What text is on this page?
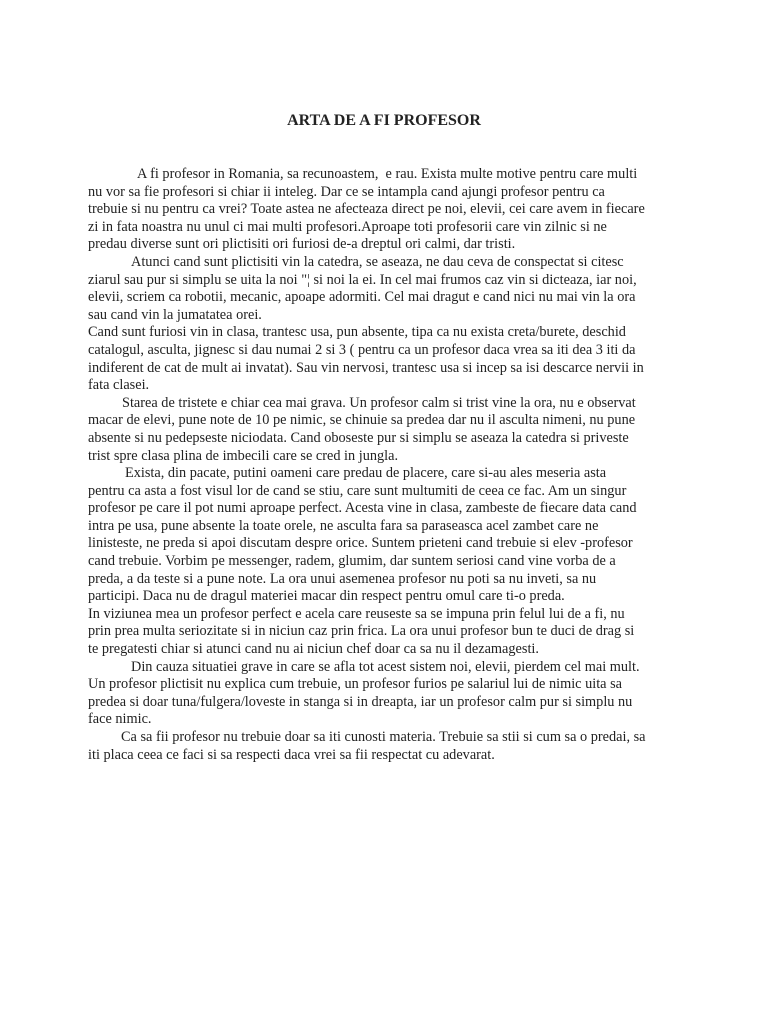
ARTA DE A FI PROFESOR
A fi profesor in Romania, sa recunoastem,  e rau. Exista multe motive pentru care multi
nu vor sa fie profesori si chiar ii inteleg. Dar ce se intampla cand ajungi profesor pentru ca
trebuie si nu pentru ca vrei? Toate astea ne afecteaza direct pe noi, elevii, cei care avem in fiecare
zi in fata noastra nu unul ci mai multi profesori.Aproape toti profesorii care vin zilnic si ne
predau diverse sunt ori plictisiti ori furiosi de-a dreptul ori calmi, dar tristi.
Atunci cand sunt plictisiti vin la catedra, se aseaza, ne dau ceva de conspectat si citesc
ziarul sau pur si simplu se uita la noi "¦ si noi la ei. In cel mai frumos caz vin si dicteaza, iar noi,
elevii, scriem ca robotii, mecanic, apoape adormiti. Cel mai dragut e cand nici nu mai vin la ora
sau cand vin la jumatatea orei.
Cand sunt furiosi vin in clasa, trantesc usa, pun absente, tipa ca nu exista creta/burete, deschid
catalogul, asculta, jignesc si dau numai 2 si 3 ( pentru ca un profesor daca vrea sa iti dea 3 iti da
indiferent de cat de mult ai invatat). Sau vin nervosi, trantesc usa si incep sa isi descarce nervii in
fata clasei.
Starea de tristete e chiar cea mai grava. Un profesor calm si trist vine la ora, nu e observat
macar de elevi, pune note de 10 pe nimic, se chinuie sa predea dar nu il asculta nimeni, nu pune
absente si nu pedepseste niciodata. Cand oboseste pur si simplu se aseaza la catedra si priveste
trist spre clasa plina de imbecili care se cred in jungla.
Exista, din pacate, putini oameni care predau de placere, care si-au ales meseria asta
pentru ca asta a fost visul lor de cand se stiu, care sunt multumiti de ceea ce fac. Am un singur
profesor pe care il pot numi aproape perfect. Acesta vine in clasa, zambeste de fiecare data cand
intra pe usa, pune absente la toate orele, ne asculta fara sa paraseasca acel zambet care ne
linisteste, ne preda si apoi discutam despre orice. Suntem prieteni cand trebuie si elev -profesor
cand trebuie. Vorbim pe messenger, radem, glumim, dar suntem seriosi cand vine vorba de a
preda, a da teste si a pune note. La ora unui asemenea profesor nu poti sa nu inveti, sa nu
participi. Daca nu de dragul materiei macar din respect pentru omul care ti-o preda.
In viziunea mea un profesor perfect e acela care reuseste sa se impuna prin felul lui de a fi, nu
prin prea multa seriozitate si in niciun caz prin frica. La ora unui profesor bun te duci de drag si
te pregatesti chiar si atunci cand nu ai niciun chef doar ca sa nu il dezamagesti.
Din cauza situatiei grave in care se afla tot acest sistem noi, elevii, pierdem cel mai mult.
Un profesor plictisit nu explica cum trebuie, un profesor furios pe salariul lui de nimic uita sa
predea si doar tuna/fulgera/loveste in stanga si in dreapta, iar un profesor calm pur si simplu nu
face nimic.
Ca sa fii profesor nu trebuie doar sa iti cunosti materia. Trebuie sa stii si cum sa o predai, sa
iti placa ceea ce faci si sa respecti daca vrei sa fii respectat cu adevarat.
